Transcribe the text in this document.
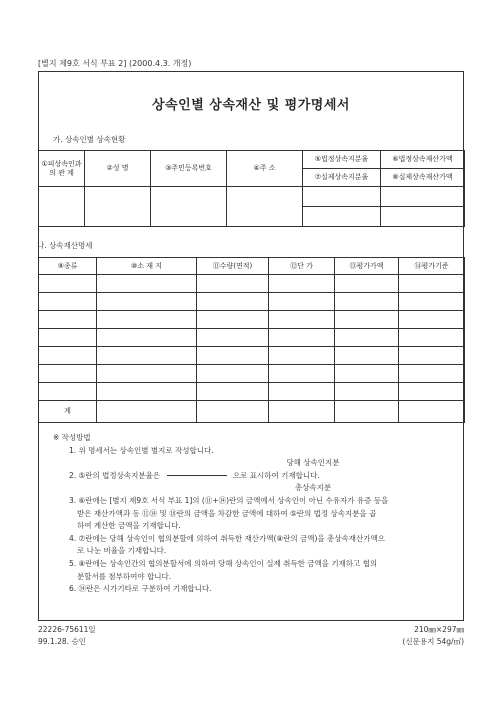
[별지 제9호 서식 부표 2] (2000.4.3. 개정)
상속인별 상속재산 및 평가명세서
가. 상속인별 상속현황
①피상속인과의 관 계	②성 명	③주민등록번호	④주 소	⑤법정상속지분율	⑥법정상속재산가액
				⑦실제상속지분율	⑧실제상속재산가액

나. 상속재산명세
⑨종류	⑩소 재 지	⑪수량(면적)	⑫단 가	⑬평가가액	⑭평가기준

계					
※ 작성방법
1. 위 명세서는 상속인별 별지로 작성합니다.
당해 상속인지분
2. ⑤란의 법정상속지분율은	으로 표시하여 기재합니다.
총상속지분
3. ⑥란에는 [별지 제9호 서식 부표 1]의 (⑪+⑭)란의 금액에서 상속인이 아닌 수유자가 유증 등을
받은 재산가액과 동 ⑪⑭ 및 ⑱란의 금액을 차감한 금액에 대하여 ⑤란의 법정 상속지분을 곱
하여 계산한 금액을 기재합니다.
4. ⑦란에는 당해 상속인이 협의분할에 의하여 취득한 재산가액(⑧란의 금액)을 총상속재산가액으
로 나눈 비율을 기재합니다.
5. ⑧란에는 상속인간의 협의분할서에 의하여 당해 상속인이 실제 취득한 금액을 기재하고 협의
분할서를 첨부하여야 합니다.
6. ⑭란은 시가기타로 구분하여 기재합니다.
22226-75611일
99.1.28. 승인
210㎜×297㎜
(신문용지 54g/㎡)
